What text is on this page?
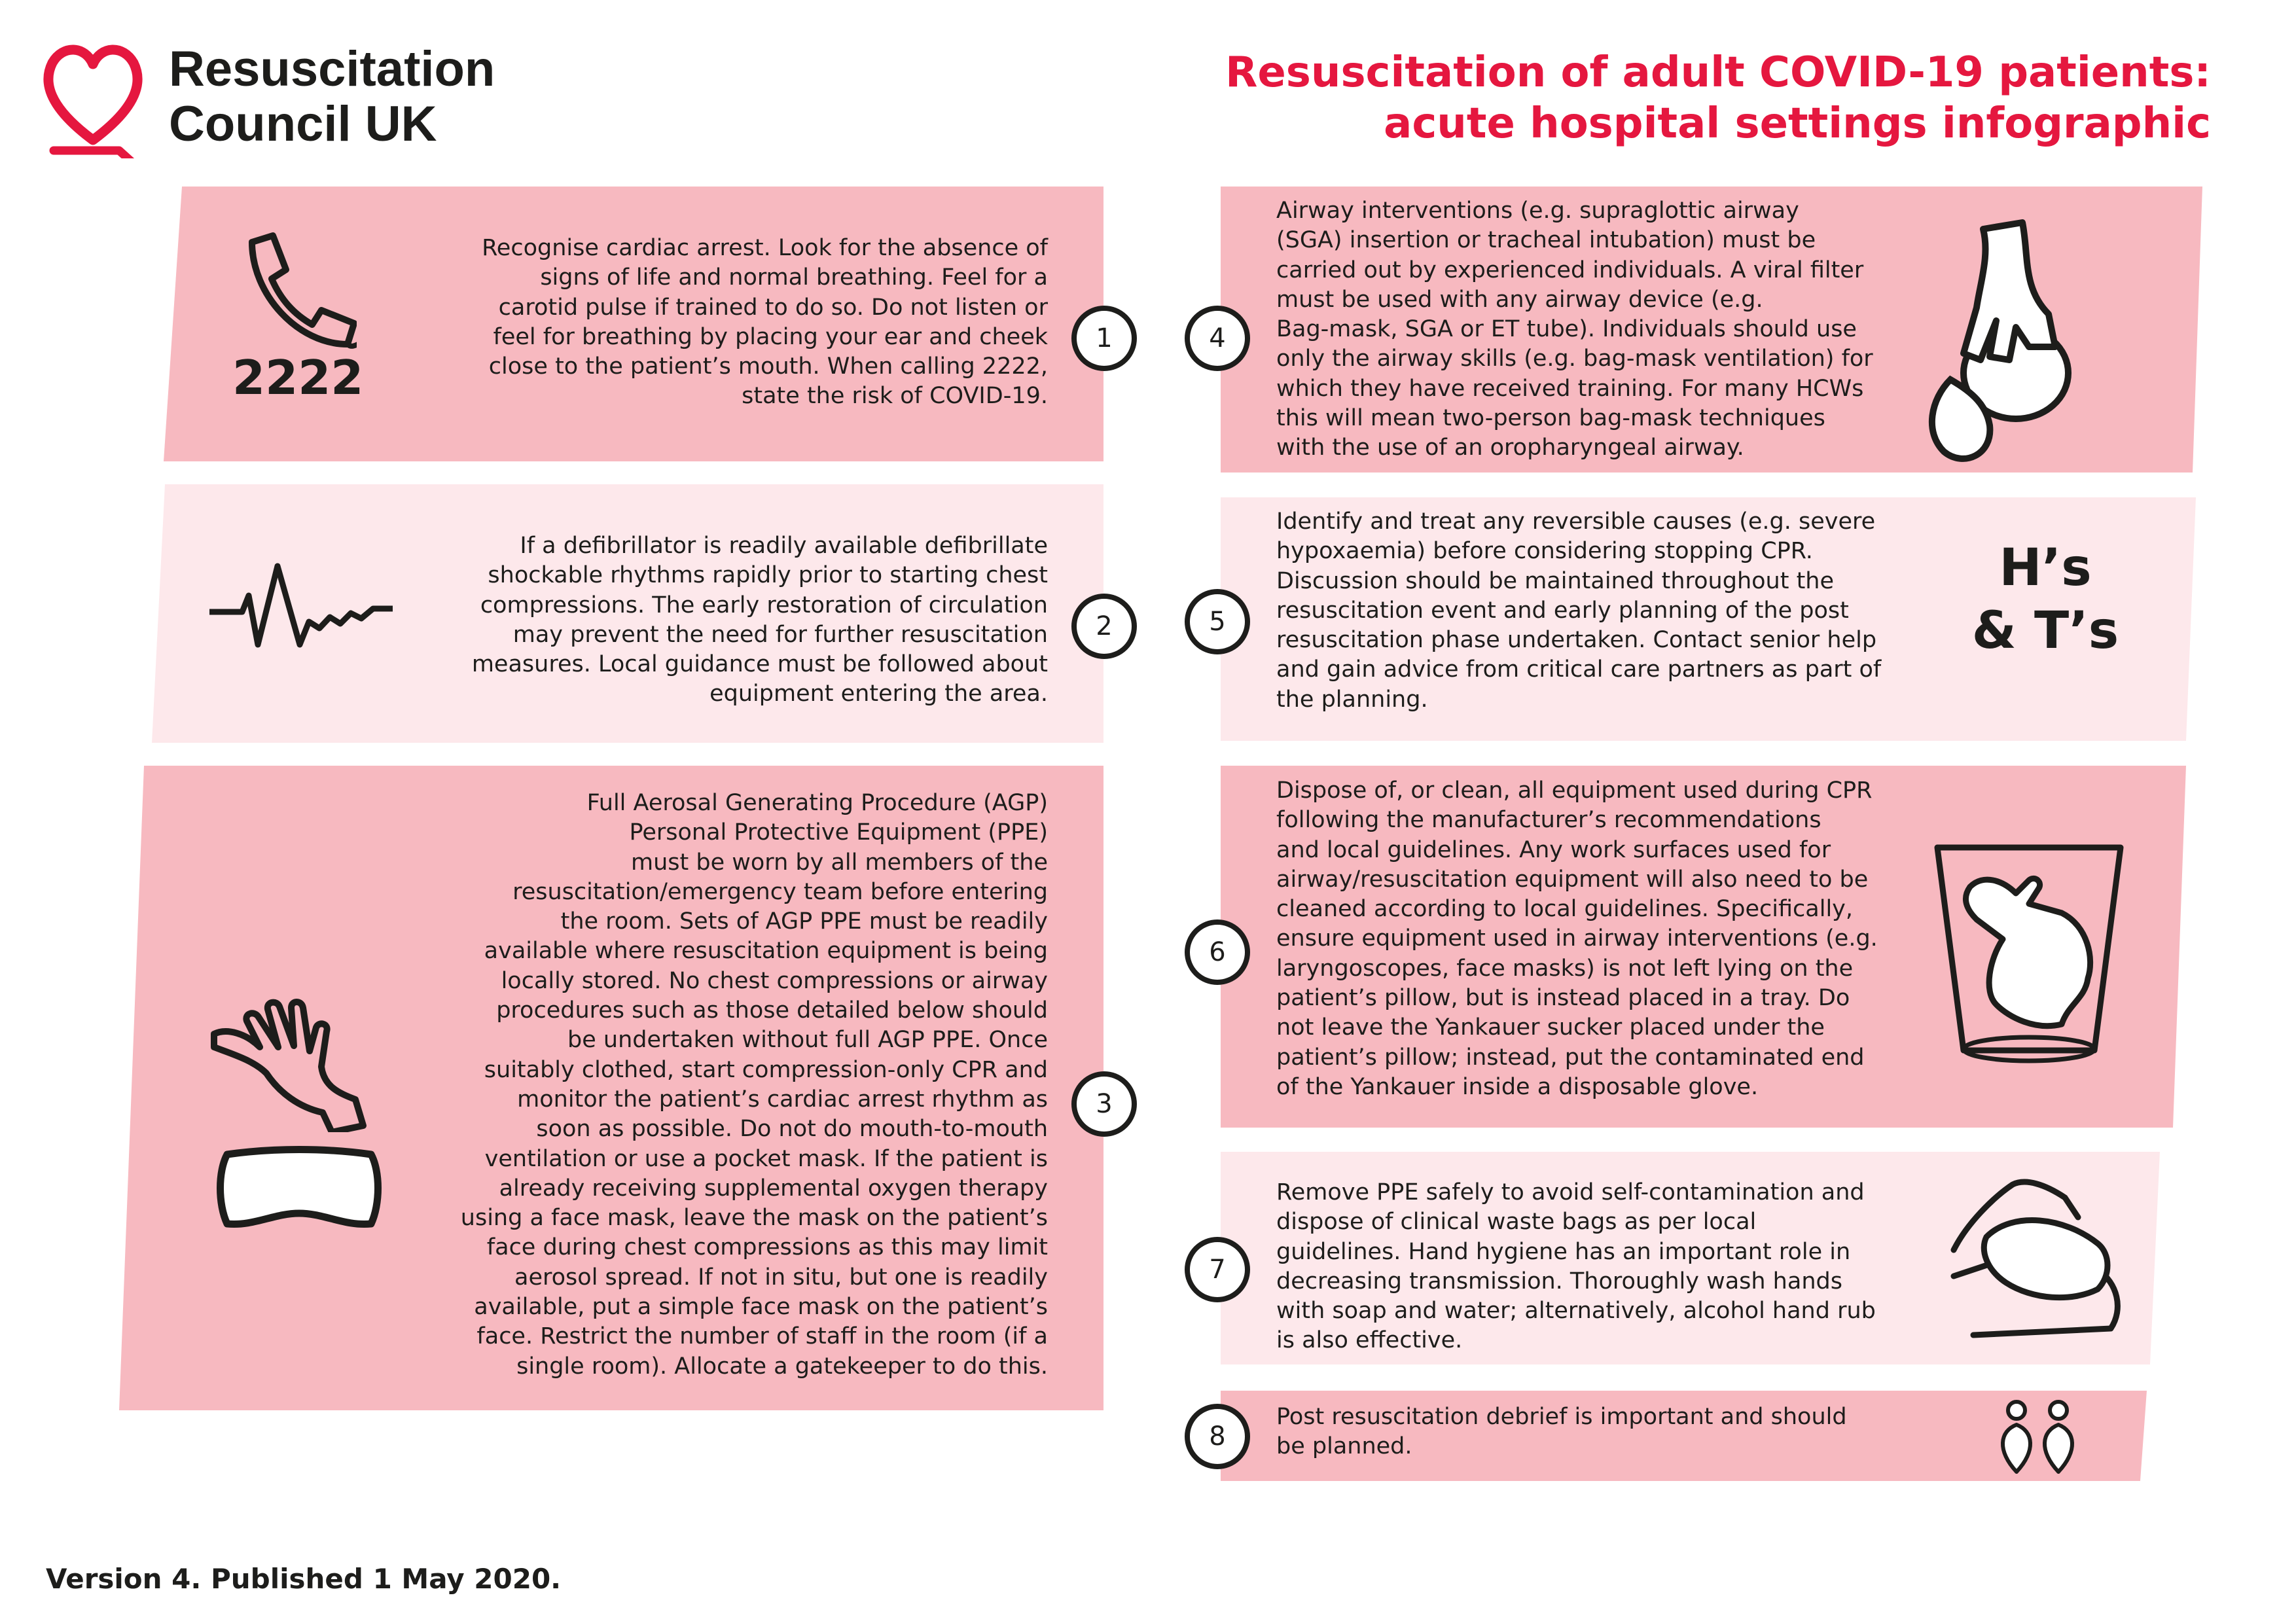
Resuscitation
Council UK
Resuscitation of adult COVID-19 patients:
acute hospital settings infographic
2222
Recognise cardiac arrest. Look for the absence of
signs of life and normal breathing. Feel for a
carotid pulse if trained to do so. Do not listen or
feel for breathing by placing your ear and cheek
close to the patient’s mouth. When calling 2222,
state the risk of COVID-19.
1
If a defibrillator is readily available defibrillate
shockable rhythms rapidly prior to starting chest
compressions. The early restoration of circulation
may prevent the need for further resuscitation
measures. Local guidance must be followed about
equipment entering the area.
2
Full Aerosal Generating Procedure (AGP)
Personal Protective Equipment (PPE)
must be worn by all members of the
resuscitation/emergency team before entering
the room. Sets of AGP PPE must be readily
available where resuscitation equipment is being
locally stored. No chest compressions or airway
procedures such as those detailed below should
be undertaken without full AGP PPE. Once
suitably clothed, start compression-only CPR and
monitor the patient’s cardiac arrest rhythm as
soon as possible. Do not do mouth-to-mouth
ventilation or use a pocket mask. If the patient is
already receiving supplemental oxygen therapy
using a face mask, leave the mask on the patient’s
face during chest compressions as this may limit
aerosol spread. If not in situ, but one is readily
available, put a simple face mask on the patient’s
face. Restrict the number of staff in the room (if a
single room). Allocate a gatekeeper to do this.
3
Airway interventions (e.g. supraglottic airway
(SGA) insertion or tracheal intubation) must be
carried out by experienced individuals. A viral filter
must be used with any airway device (e.g.
Bag-mask, SGA or ET tube). Individuals should use
only the airway skills (e.g. bag-mask ventilation) for
which they have received training. For many HCWs
this will mean two-person bag-mask techniques
with the use of an oropharyngeal airway.
4
H’s
& T’s
Identify and treat any reversible causes (e.g. severe
hypoxaemia) before considering stopping CPR.
Discussion should be maintained throughout the
resuscitation event and early planning of the post
resuscitation phase undertaken. Contact senior help
and gain advice from critical care partners as part of
the planning.
5
Dispose of, or clean, all equipment used during CPR
following the manufacturer’s recommendations
and local guidelines. Any work surfaces used for
airway/resuscitation equipment will also need to be
cleaned according to local guidelines. Specifically,
ensure equipment used in airway interventions (e.g.
laryngoscopes, face masks) is not left lying on the
patient’s pillow, but is instead placed in a tray. Do
not leave the Yankauer sucker placed under the
patient’s pillow; instead, put the contaminated end
of the Yankauer inside a disposable glove.
6
Remove PPE safely to avoid self-contamination and
dispose of clinical waste bags as per local
guidelines. Hand hygiene has an important role in
decreasing transmission. Thoroughly wash hands
with soap and water; alternatively, alcohol hand rub
is also effective.
7
Post resuscitation debrief is important and should
be planned.
8
Version 4. Published 1 May 2020.
